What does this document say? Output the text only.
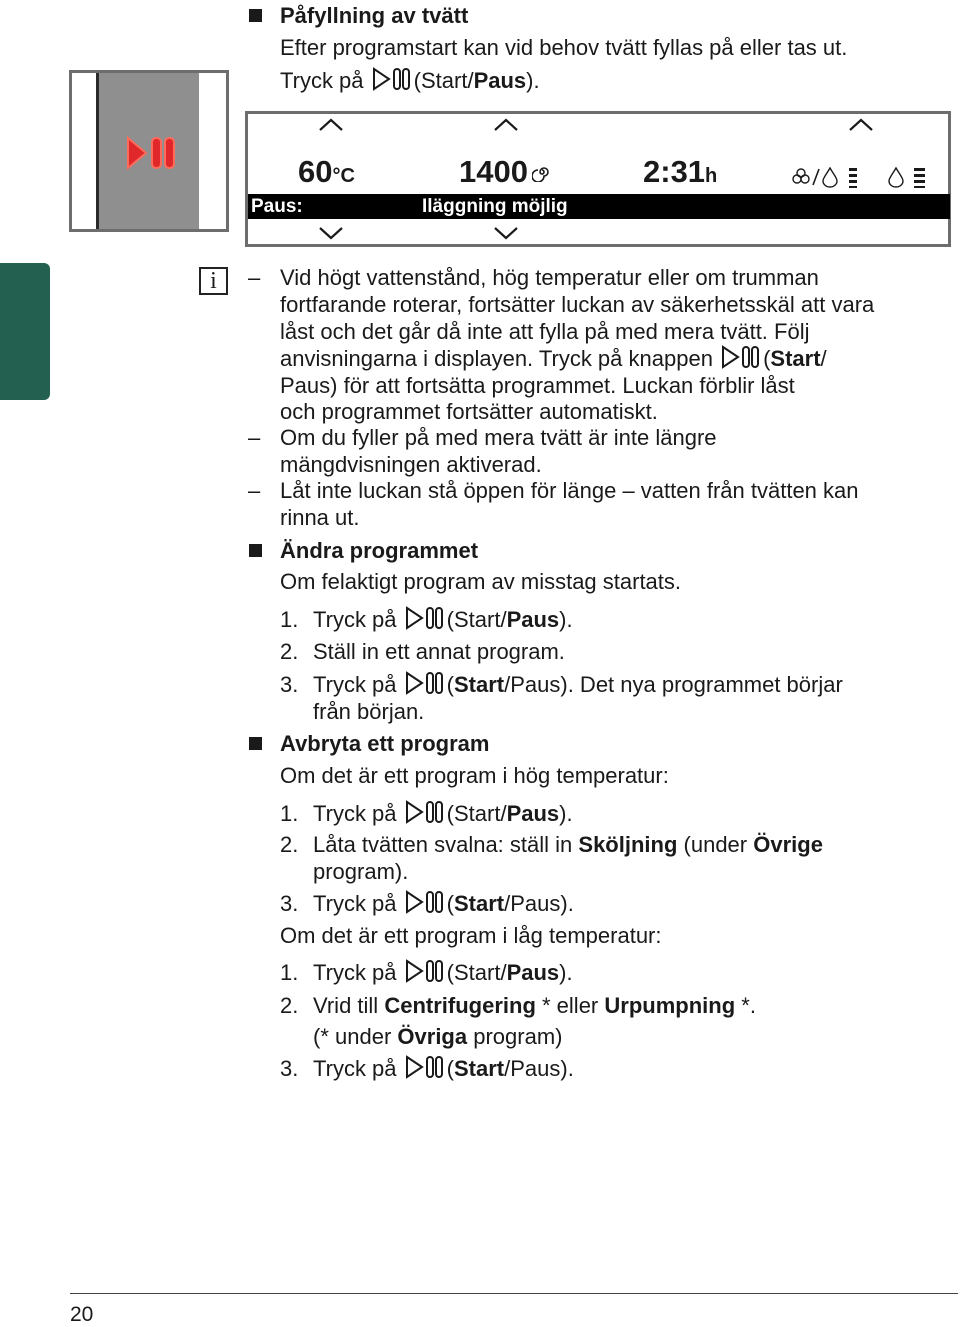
Påfyllning av tvätt
Efter programstart kan vid behov tvätt fyllas på eller tas ut.
Tryck på (Start/Paus).
60°C	1400	2:31h
Paus:	Iläggning möjlig
i	– Vid högt vattenstånd, hög temperatur eller om trumman
fortfarande roterar, fortsätter luckan av säkerhetsskäl att vara
låst och det går då inte att fylla på med mera tvätt. Följ
anvisningarna i displayen. Tryck på knappen (Start/
Paus) för att fortsätta programmet. Luckan förblir låst
och programmet fortsätter automatiskt.
– Om du fyller på med mera tvätt är inte längre
mängdvisningen aktiverad.
– Låt inte luckan stå öppen för länge – vatten från tvätten kan
rinna ut.
Ändra programmet
Om felaktigt program av misstag startats.
1. Tryck på (Start/Paus).
2. Ställ in ett annat program.
3. Tryck på (Start/Paus). Det nya programmet börjar
från början.
Avbryta ett program
Om det är ett program i hög temperatur:
1. Tryck på (Start/Paus).
2. Låta tvätten svalna: ställ in Sköljning (under Övrige
program).
3. Tryck på (Start/Paus).
Om det är ett program i låg temperatur:
1. Tryck på (Start/Paus).
2. Vrid till Centrifugering * eller Urpumpning *.
(* under Övriga program)
3. Tryck på (Start/Paus).
20
